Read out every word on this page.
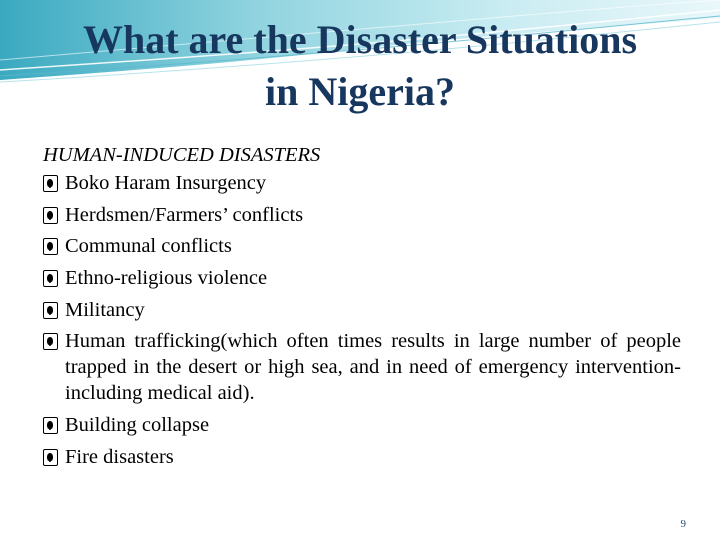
What are the Disaster Situations
in Nigeria?

HUMAN-INDUCED DISASTERS

Boko Haram Insurgency
Herdsmen/Farmers’ conflicts
Communal conflicts
Ethno-religious violence
Militancy
Human trafficking(which often times results in large number of people trapped in the desert or high sea, and in need of emergency intervention- including medical aid).
Building collapse
Fire disasters
9
